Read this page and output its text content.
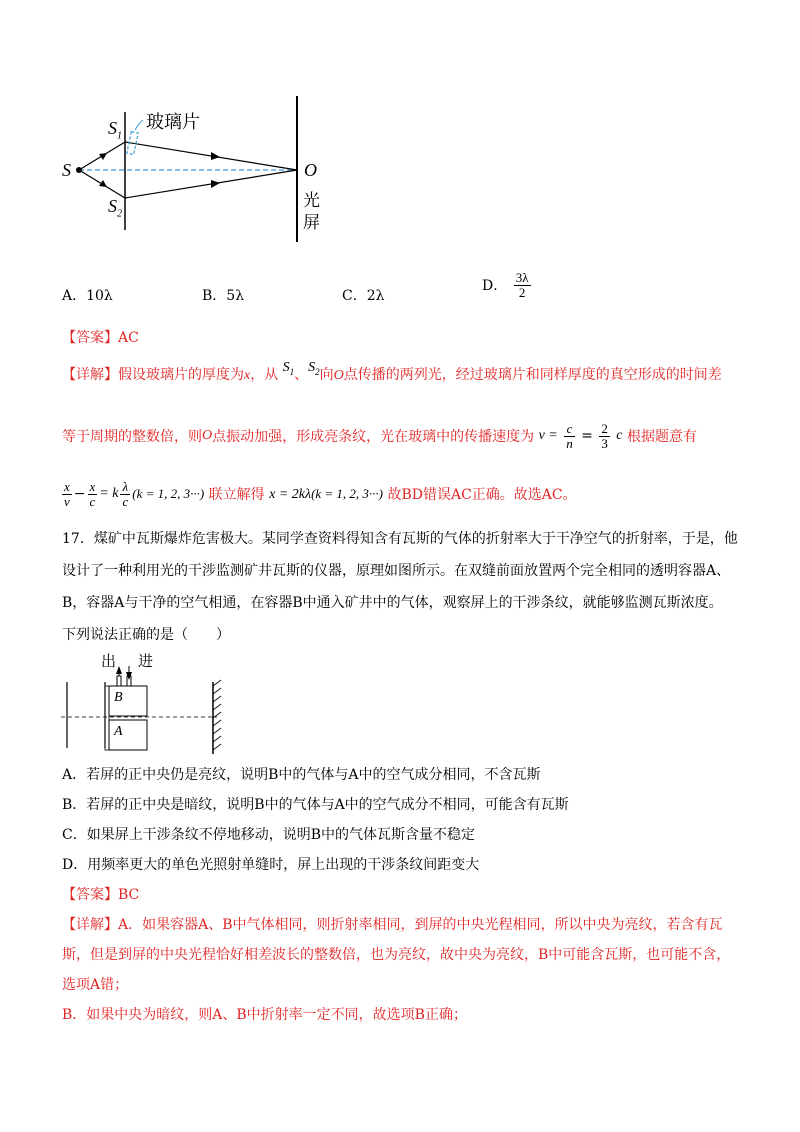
S
$S_1$
$S_2$
玻璃片
O
光
屏
A．10λ	B．5λ	C．2λ
D． $\frac{3\lambda}{2}$
【答案】AC
【详解】假设玻璃片的厚度为x，从 $S_1$、$S_2$向O点传播的两列光，经过玻璃片和同样厚度的真空形成的时间差
等于周期的整数倍，则O点振动加强，形成亮条纹，光在玻璃中的传播速度为 $v = \frac{c}{n} = \frac{2}{3}$ c 根据题意有
$\frac{x}{v} - \frac{x}{c} = k \frac{\lambda}{c} (k = 1$, 2, 3···) 联立解得 x = 2kλ(k = 1, 2, 3···) 故BD错误AC正确。故选AC。
17．煤矿中瓦斯爆炸危害极大。某同学查资料得知含有瓦斯的气体的折射率大于干净空气的折射率，于是，他
设计了一种利用光的干涉监测矿井瓦斯的仪器，原理如图所示。在双缝前面放置两个完全相同的透明容器A、
B，容器A与干净的空气相通，在容器B中通入矿井中的气体，观察屏上的干涉条纹，就能够监测瓦斯浓度。
下列说法正确的是（　　）
出 进
B
A
A．若屏的正中央仍是亮纹，说明B中的气体与A中的空气成分相同，不含瓦斯
B．若屏的正中央是暗纹，说明B中的气体与A中的空气成分不相同，可能含有瓦斯
C．如果屏上干涉条纹不停地移动，说明B中的气体瓦斯含量不稳定
D．用频率更大的单色光照射单缝时，屏上出现的干涉条纹间距变大
【答案】BC
【详解】A．如果容器A、B中气体相同，则折射率相同，到屏的中央光程相同，所以中央为亮纹，若含有瓦
斯，但是到屏的中央光程恰好相差波长的整数倍，也为亮纹，故中央为亮纹，B中可能含瓦斯，也可能不含，
选项A错；
B．如果中央为暗纹，则A、B中折射率一定不同，故选项B正确；
